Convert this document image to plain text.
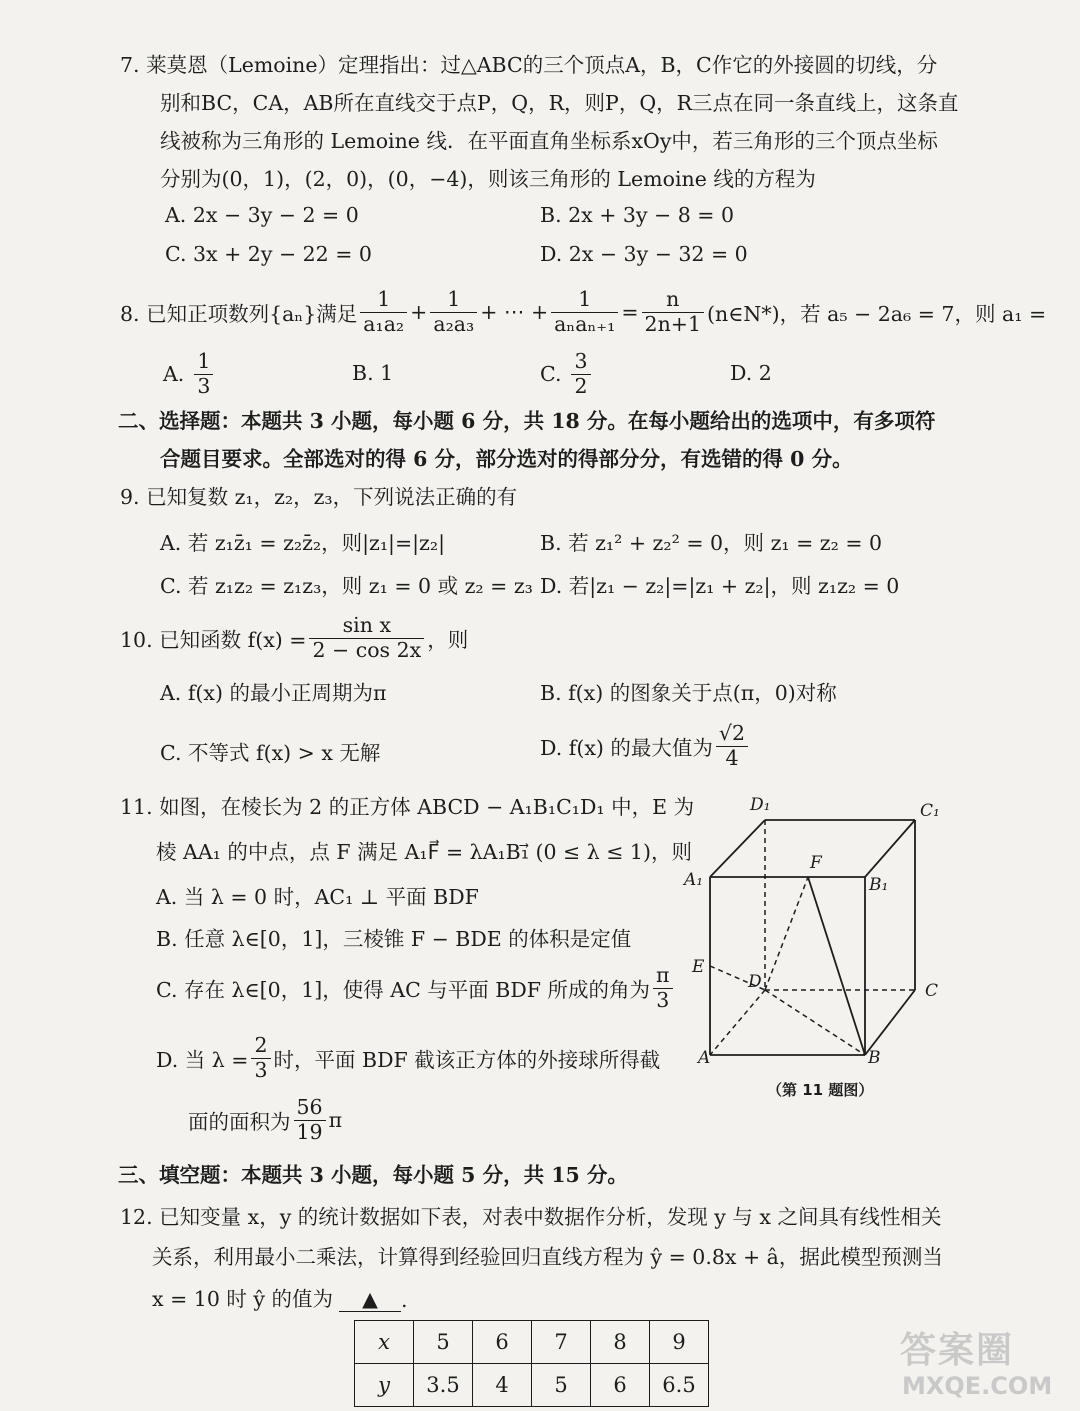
7. 莱莫恩（Lemoine）定理指出：过△ABC的三个顶点A，B，C作它的外接圆的切线，分
别和BC，CA，AB所在直线交于点P，Q，R，则P，Q，R三点在同一条直线上，这条直
线被称为三角形的 Lemoine 线．在平面直角坐标系xOy中，若三角形的三个顶点坐标
分别为(0，1)，(2，0)，(0，−4)，则该三角形的 Lemoine 线的方程为
A. 2x − 3y − 2 = 0	B. 2x + 3y − 8 = 0
C. 3x + 2y − 22 = 0	D. 2x − 3y − 32 = 0
8. 已知正项数列{aₙ}满足 $\frac{1}{\text{a₁a₂}} + \frac{1}{\text{a₂a₃}}$ + ⋯ + $\frac{1}{\text{aₙaₙ₊₁}} = \frac{n}{2n+1}$ (n∈N*)，若 a₅ − 2a₆ = 7，则 a₁ =
A. $\frac{1}{3}$	B. 1	C. $\frac{3}{2}$	D. 2
二、选择题：本题共 3 小题，每小题 6 分，共 18 分。在每小题给出的选项中，有多项符
合题目要求。全部选对的得 6 分，部分选对的得部分分，有选错的得 0 分。
9. 已知复数 z₁，z₂，z₃，下列说法正确的有
A. 若 z₁z̄₁ = z₂z̄₂，则|z₁|=|z₂|	B. 若 z₁² + z₂² = 0，则 z₁ = z₂ = 0
C. 若 z₁z₂ = z₁z₃，则 z₁ = 0 或 z₂ = z₃ D. 若|z₁ − z₂|=|z₁ + z₂|，则 z₁z₂ = 0
10. 已知函数 $f(x) = \frac{\text{sin x}}{2 - \cos 2x}$ ，则
A. f(x) 的最小正周期为π	B. f(x) 的图象关于点(π，0)对称
C. 不等式 f(x) > x 无解	D. f(x) 的最大值为 $\frac{√2}{4}$
11. 如图，在棱长为 2 的正方体 ABCD − A₁B₁C₁D₁ 中，E 为
棱 AA₁ 的中点，点 F 满足 A₁F⃗ = λA₁B₁⃗ (0 ≤ λ ≤ 1)，则
A. 当 λ = 0 时，AC₁ ⊥ 平面 BDF
B. 任意 λ∈[0，1]，三棱锥 F − BDE 的体积是定值
C. 存在 λ∈[0，1]，使得 AC 与平面 BDF 所成的角为 $\frac{\pi}{3}$
D. 当 $\lambda = \frac{2}{3}$ 时，平面 BDF 截该正方体的外接球所得截
面的面积为 $\frac{56}{19}$ π
D₁	C₁
A₁	B₁
F
E
D	C
A	B
（第 11 题图）
三、填空题：本题共 3 小题，每小题 5 分，共 15 分。
12. 已知变量 x，y 的统计数据如下表，对表中数据作分析，发现 y 与 x 之间具有线性相关
关系，利用最小二乘法，计算得到经验回归直线方程为 ŷ = 0.8x + â，据此模型预测当
x = 10 时 ŷ 的值为	▲	.
x	5	6	7	8	9
y	3.5	4	5	6	6.5
答案圈
MXQE.COM
